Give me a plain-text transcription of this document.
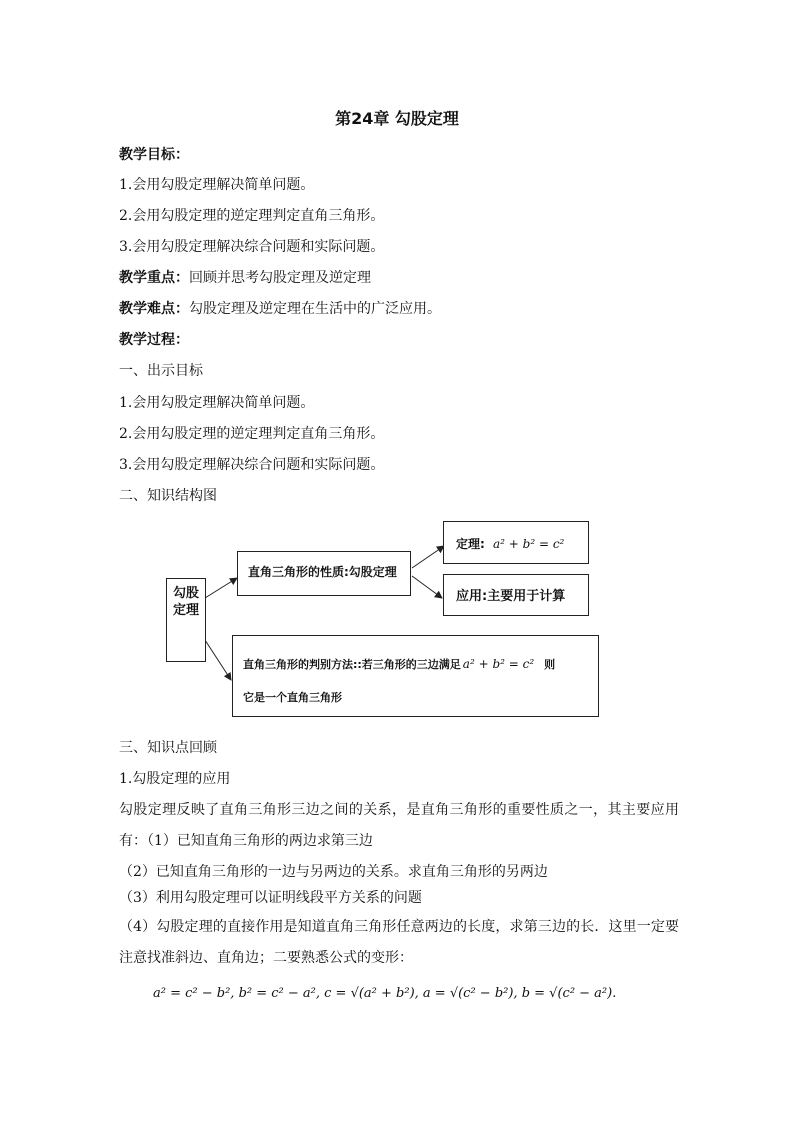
第24章 勾股定理
教学目标：
1.会用勾股定理解决简单问题。
2.会用勾股定理的逆定理判定直角三角形。
3.会用勾股定理解决综合问题和实际问题。
教学重点：回顾并思考勾股定理及逆定理
教学难点：勾股定理及逆定理在生活中的广泛应用。
教学过程：
一、出示目标
1.会用勾股定理解决简单问题。
2.会用勾股定理的逆定理判定直角三角形。
3.会用勾股定理解决综合问题和实际问题。
二、知识结构图
勾股定理
直角三角形的性质:勾股定理
定理: a² + b² = c²
应用:主要用于计算
直角三角形的判别方法::若三角形的三边满足 a² + b² = c² 则
它是一个直角三角形
三、知识点回顾
1.勾股定理的应用
勾股定理反映了直角三角形三边之间的关系，是直角三角形的重要性质之一，其主要应用有：（1）已知直角三角形的两边求第三边
（2）已知直角三角形的一边与另两边的关系。求直角三角形的另两边
（3）利用勾股定理可以证明线段平方关系的问题
（4）勾股定理的直接作用是知道直角三角形任意两边的长度，求第三边的长．这里一定要注意找准斜边、直角边；二要熟悉公式的变形：
a² = c² − b², b² = c² − a², c = √(a² + b²), a = √(c² − b²), b = √(c² − a²).
